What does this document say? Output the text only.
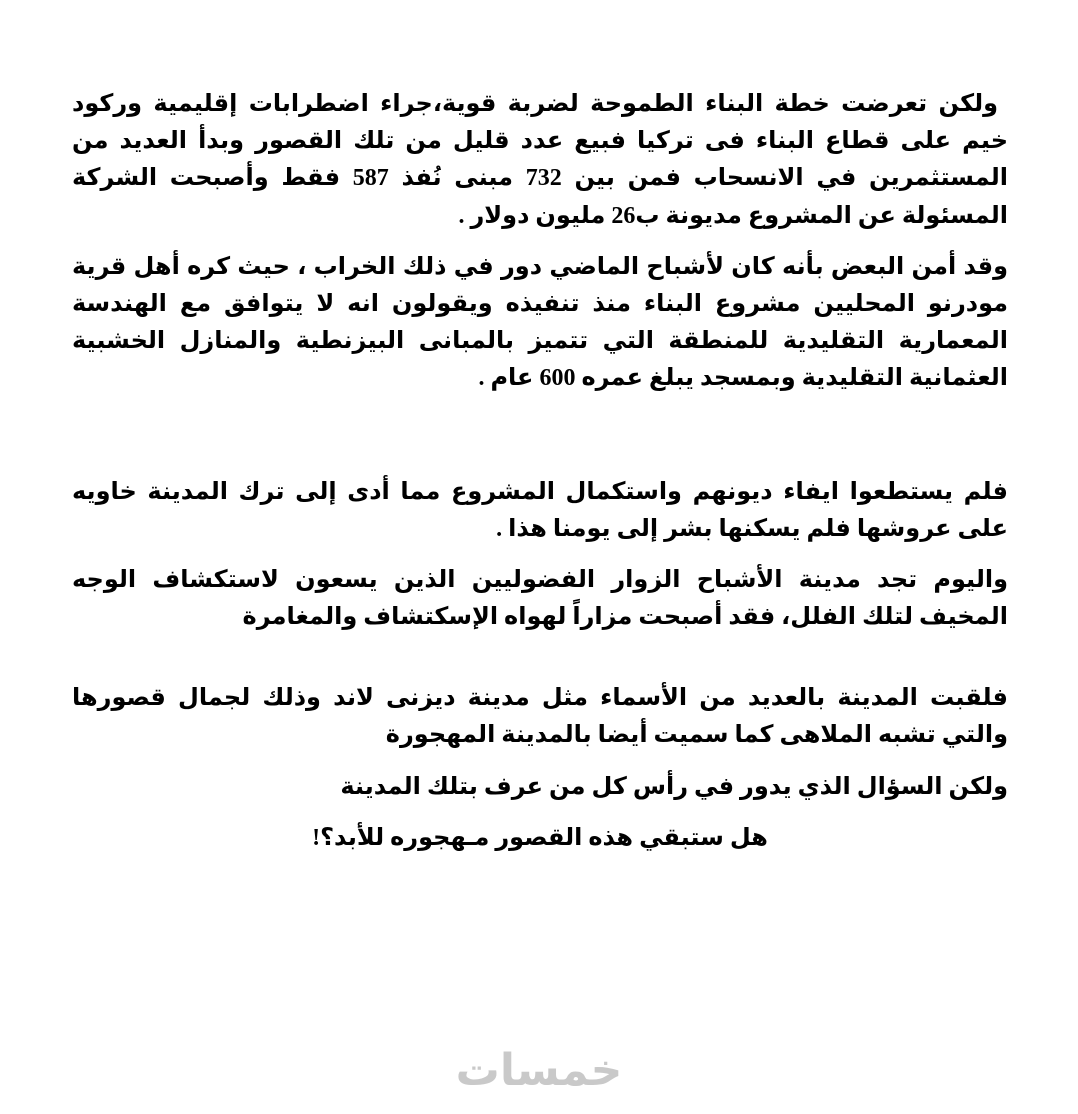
ولكن تعرضت خطة البناء الطموحة لضربة قوية،جراء اضطرابات إقليمية وركود خيم على قطاع البناء فى تركيا فبيع عدد قليل من تلك القصور وبدأ العديد من المستثمرين في الانسحاب فمن بين 732 مبنى نُفذ 587 فقط وأصبحت الشركة المسئولة عن المشروع مديونة ب26 مليون دولار .

وقد أمن البعض بأنه كان لأشباح الماضي دور في ذلك الخراب ، حيث كره أهل قرية مودرنو المحليين مشروع البناء منذ تنفيذه ويقولون انه لا يتوافق مع الهندسة المعمارية التقليدية للمنطقة التي تتميز بالمبانى البيزنطية والمنازل الخشبية العثمانية التقليدية وبمسجد يبلغ عمره 600 عام .

فلم يستطعوا ايفاء ديونهم واستكمال المشروع مما أدى إلى ترك المدينة خاويه على عروشها فلم يسكنها بشر إلى يومنا هذا .

واليوم تجد مدينة الأشباح الزوار الفضوليين الذين يسعون لاستكشاف الوجه المخيف لتلك الفلل، فقد أصبحت مزاراً لهواه الإسكتشاف والمغامرة

فلقبت المدينة بالعديد من الأسماء مثل مدينة ديزنى لاند وذلك لجمال قصورها والتي تشبه الملاهى كما سميت أيضا بالمدينة المهجورة

ولكن السؤال الذي يدور في رأس كل من عرف بتلك المدينة

هل ستبقي هذه القصور مـهجوره للأبد؟!

خمسات
